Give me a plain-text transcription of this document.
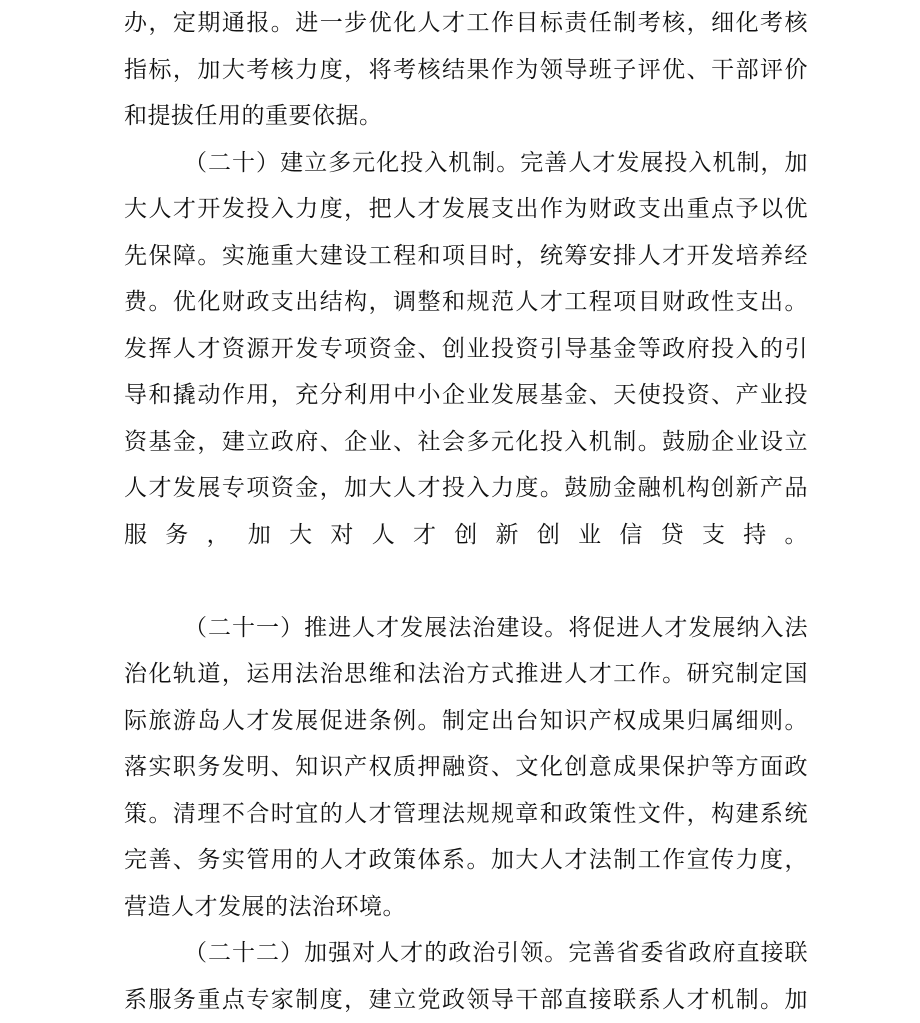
办，定期通报。进一步优化人才工作目标责任制考核，细化考核
指标，加大考核力度，将考核结果作为领导班子评优、干部评价
和提拔任用的重要依据。
（二十）建立多元化投入机制。完善人才发展投入机制，加
大人才开发投入力度，把人才发展支出作为财政支出重点予以优
先保障。实施重大建设工程和项目时，统筹安排人才开发培养经
费。优化财政支出结构，调整和规范人才工程项目财政性支出。
发挥人才资源开发专项资金、创业投资引导基金等政府投入的引
导和撬动作用，充分利用中小企业发展基金、天使投资、产业投
资基金，建立政府、企业、社会多元化投入机制。鼓励企业设立
人才发展专项资金，加大人才投入力度。鼓励金融机构创新产品
服务，加大对人才创新创业信贷支持。
（二十一）推进人才发展法治建设。将促进人才发展纳入法
治化轨道，运用法治思维和法治方式推进人才工作。研究制定国
际旅游岛人才发展促进条例。制定出台知识产权成果归属细则。
落实职务发明、知识产权质押融资、文化创意成果保护等方面政
策。清理不合时宜的人才管理法规规章和政策性文件，构建系统
完善、务实管用的人才政策体系。加大人才法制工作宣传力度，
营造人才发展的法治环境。
（二十二）加强对人才的政治引领。完善省委省政府直接联
系服务重点专家制度，建立党政领导干部直接联系人才机制。加
